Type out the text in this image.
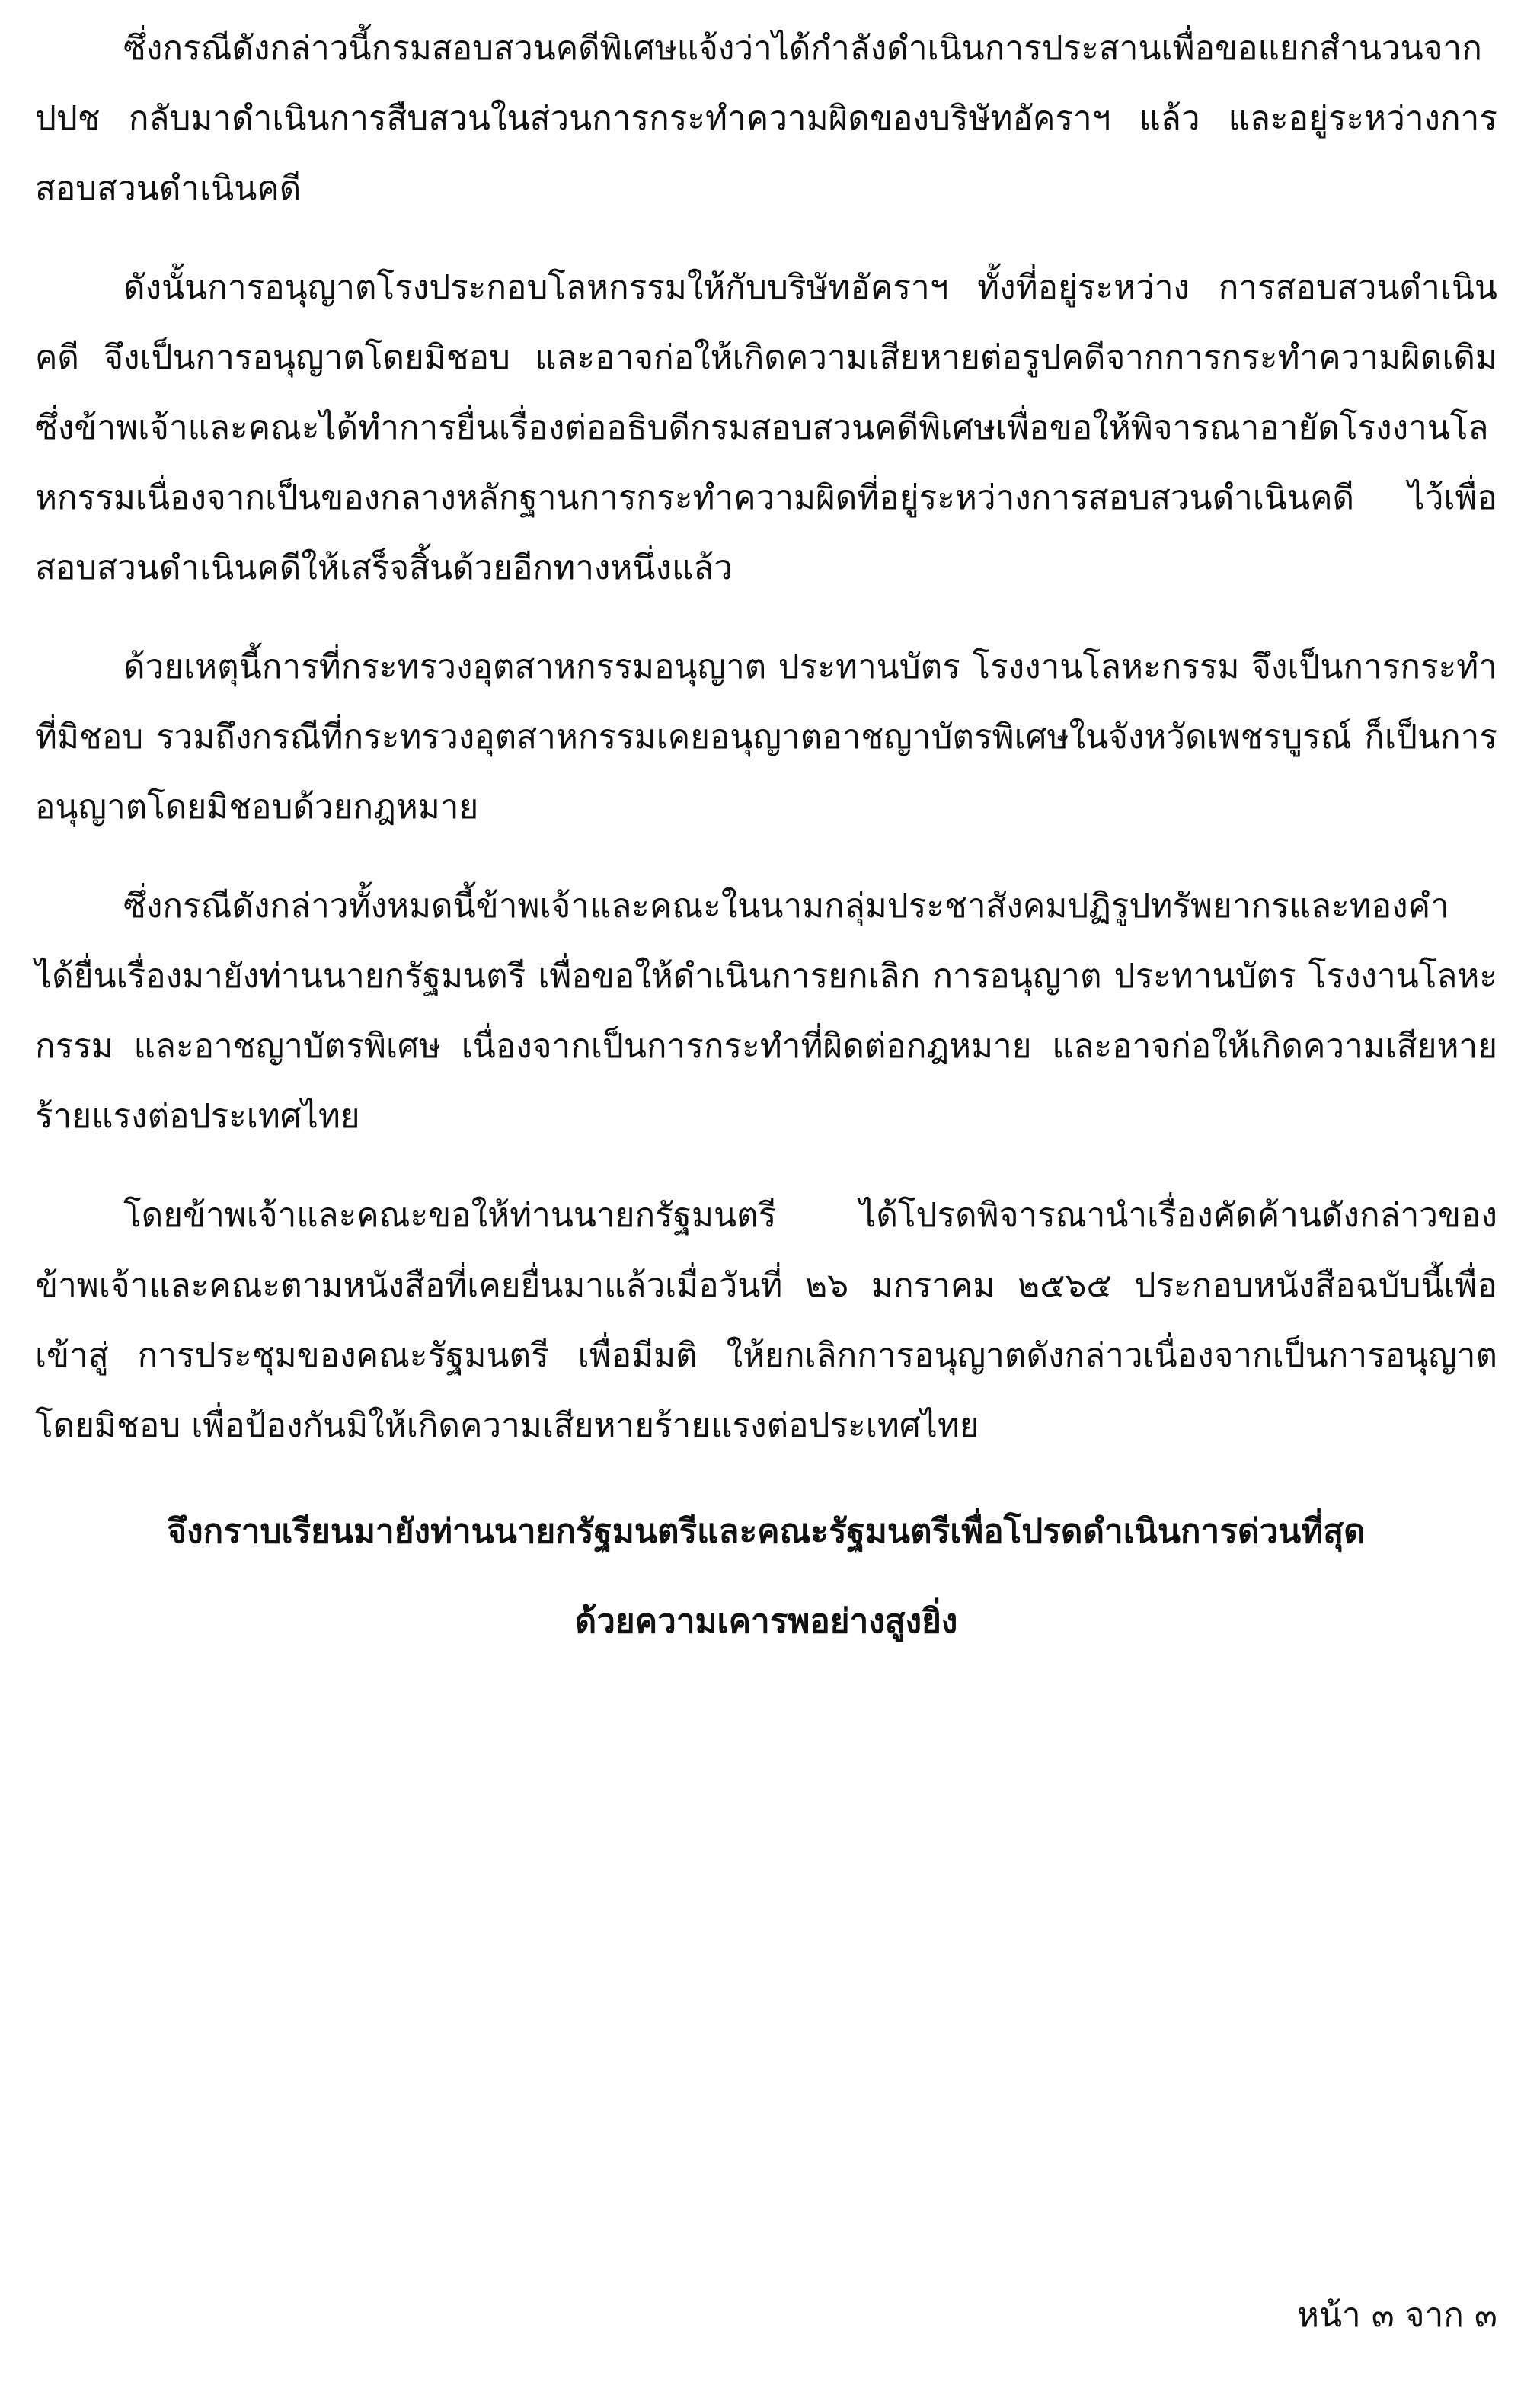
ซึ่งกรณีดังกล่าวนี้กรมสอบสวนคดีพิเศษแจ้งว่าได้กำลังดำเนินการประสานเพื่อขอแยกสำนวนจาก ปปช กลับมาดำเนินการสืบสวนในส่วนการกระทำความผิดของบริษัทอัคราฯ แล้ว และอยู่ระหว่างการสอบสวนดำเนินคดี

ดังนั้นการอนุญาตโรงประกอบโลหกรรมให้กับบริษัทอัคราฯ ทั้งที่อยู่ระหว่าง การสอบสวนดำเนินคดี จึงเป็นการอนุญาตโดยมิชอบ และอาจก่อให้เกิดความเสียหายต่อรูปคดีจากการกระทำความผิดเดิม ซึ่งข้าพเจ้าและคณะได้ทำการยื่นเรื่องต่ออธิบดีกรมสอบสวนคดีพิเศษเพื่อขอให้พิจารณาอายัดโรงงานโลหกรรมเนื่องจากเป็นของกลางหลักฐานการกระทำความผิดที่อยู่ระหว่างการสอบสวนดำเนินคดี ไว้เพื่อสอบสวนดำเนินคดีให้เสร็จสิ้นด้วยอีกทางหนึ่งแล้ว

ด้วยเหตุนี้การที่กระทรวงอุตสาหกรรมอนุญาต ประทานบัตร โรงงานโลหะกรรม จึงเป็นการกระทำที่มิชอบ รวมถึงกรณีที่กระทรวงอุตสาหกรรมเคยอนุญาตอาชญาบัตรพิเศษในจังหวัดเพชรบูรณ์ ก็เป็นการอนุญาตโดยมิชอบด้วยกฎหมาย

ซึ่งกรณีดังกล่าวทั้งหมดนี้ข้าพเจ้าและคณะในนามกลุ่มประชาสังคมปฏิรูปทรัพยากรและทองคำ ได้ยื่นเรื่องมายังท่านนายกรัฐมนตรี เพื่อขอให้ดำเนินการยกเลิก การอนุญาต ประทานบัตร โรงงานโลหะกรรม และอาชญาบัตรพิเศษ เนื่องจากเป็นการกระทำที่ผิดต่อกฎหมาย และอาจก่อให้เกิดความเสียหายร้ายแรงต่อประเทศไทย

โดยข้าพเจ้าและคณะขอให้ท่านนายกรัฐมนตรี ได้โปรดพิจารณานำเรื่องคัดค้านดังกล่าวของข้าพเจ้าและคณะตามหนังสือที่เคยยื่นมาแล้วเมื่อวันที่ ๒๖ มกราคม ๒๕๖๕ ประกอบหนังสือฉบับนี้เพื่อเข้าสู่ การประชุมของคณะรัฐมนตรี เพื่อมีมติ ให้ยกเลิกการอนุญาตดังกล่าวเนื่องจากเป็นการอนุญาตโดยมิชอบ เพื่อป้องกันมิให้เกิดความเสียหายร้ายแรงต่อประเทศไทย

จึงกราบเรียนมายังท่านนายกรัฐมนตรีและคณะรัฐมนตรีเพื่อโปรดดำเนินการด่วนที่สุด

ด้วยความเคารพอย่างสูงยิ่ง

หน้า ๓ จาก ๓
